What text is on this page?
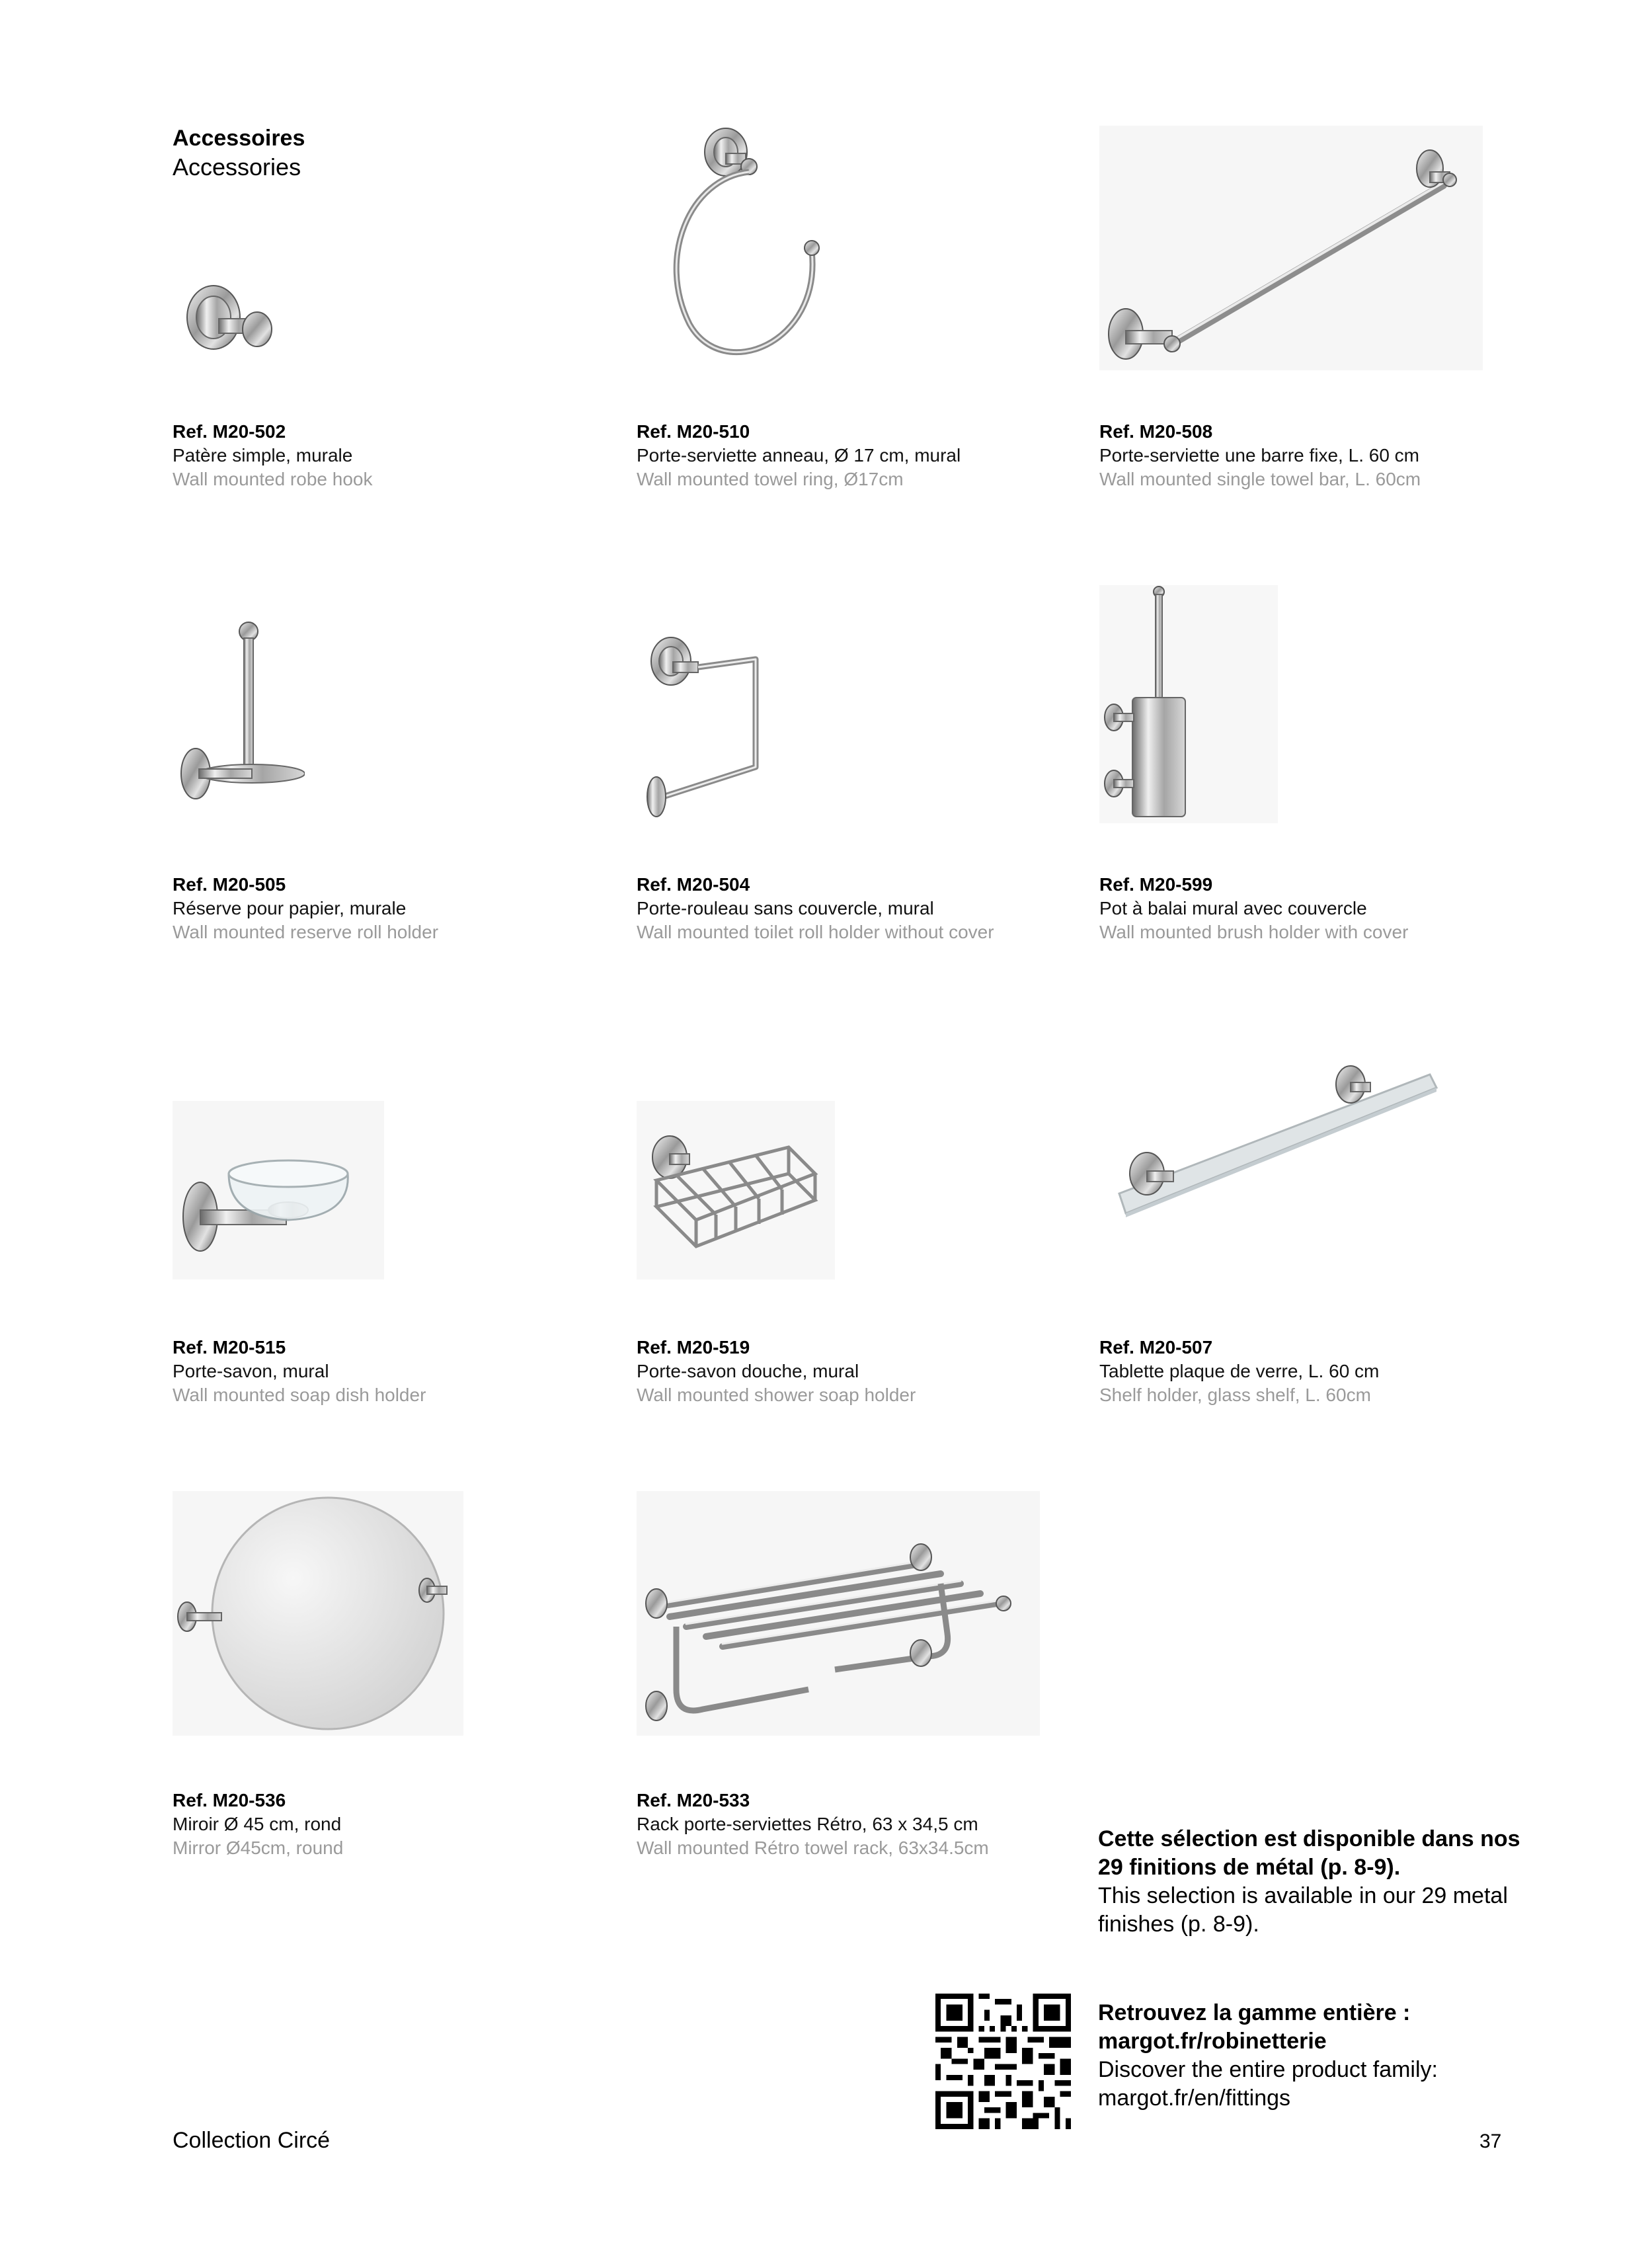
Accessoires
Accessories
Ref. M20-502
Patère simple, murale
Wall mounted robe hook
Ref. M20-510
Porte-serviette anneau, Ø 17 cm, mural
Wall mounted towel ring, Ø17cm
Ref. M20-508
Porte-serviette une barre fixe, L. 60 cm
Wall mounted single towel bar, L. 60cm
Ref. M20-505
Réserve pour papier, murale
Wall mounted reserve roll holder
Ref. M20-504
Porte-rouleau sans couvercle, mural
Wall mounted toilet roll holder without cover
Ref. M20-599
Pot à balai mural avec couvercle
Wall mounted brush holder with cover
Ref. M20-515
Porte-savon, mural
Wall mounted soap dish holder
Ref. M20-519
Porte-savon douche, mural
Wall mounted shower soap holder
Ref. M20-507
Tablette plaque de verre, L. 60 cm
Shelf holder, glass shelf, L. 60cm
Ref. M20-536
Miroir Ø 45 cm, rond
Mirror Ø45cm, round
Ref. M20-533
Rack porte-serviettes Rétro, 63 x 34,5 cm
Wall mounted Rétro towel rack, 63x34.5cm	Cette sélection est disponible dans nos 29 finitions de métal (p. 8-9).
This selection is available in our 29 metal finishes (p. 8-9).
Retrouvez la gamme entière : margot.fr/robinetterie
Discover the entire product family: margot.fr/en/fittings
Collection Circé	37
